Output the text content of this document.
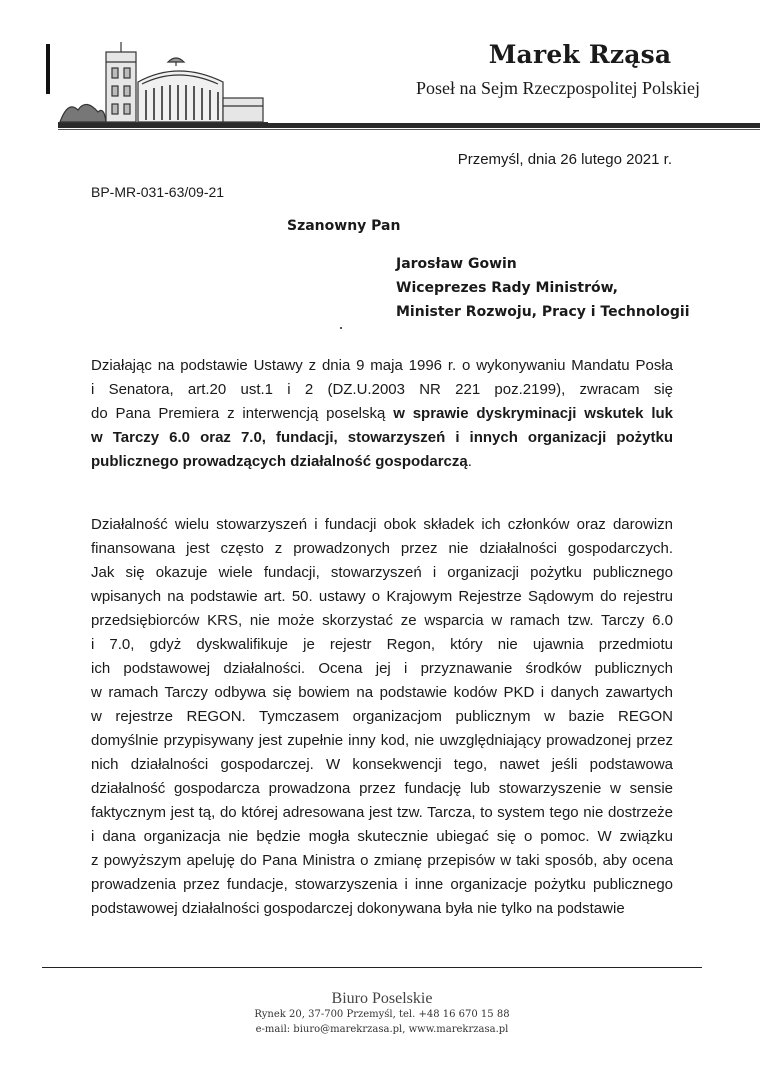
Marek Rząsa
Poseł na Sejm Rzeczpospolitej Polskiej
Przemyśl, dnia 26 lutego 2021 r.
BP-MR-031-63/09-21
Szanowny Pan
Jarosław Gowin
Wiceprezes Rady Ministrów,
Minister Rozwoju, Pracy i Technologii
Działając na podstawie Ustawy z dnia 9 maja 1996 r. o wykonywaniu Mandatu Posła
i Senatora, art.20 ust.1 i 2 (DZ.U.2003 NR 221 poz.2199), zwracam się
do Pana Premiera z interwencją poselską w sprawie dyskryminacji wskutek luk
w Tarczy 6.0 oraz 7.0, fundacji, stowarzyszeń i innych organizacji pożytku
publicznego prowadzących działalność gospodarczą.
Działalność wielu stowarzyszeń i fundacji obok składek ich członków oraz darowizn
finansowana jest często z prowadzonych przez nie działalności gospodarczych.
Jak się okazuje wiele fundacji, stowarzyszeń i organizacji pożytku publicznego
wpisanych na podstawie art. 50. ustawy o Krajowym Rejestrze Sądowym do rejestru
przedsiębiorców KRS, nie może skorzystać ze wsparcia w ramach tzw. Tarczy 6.0
i 7.0, gdyż dyskwalifikuje je rejestr Regon, który nie ujawnia przedmiotu
ich podstawowej działalności. Ocena jej i przyznawanie środków publicznych
w ramach Tarczy odbywa się bowiem na podstawie kodów PKD i danych zawartych
w rejestrze REGON. Tymczasem organizacjom publicznym w bazie REGON
domyślnie przypisywany jest zupełnie inny kod, nie uwzględniający prowadzonej przez
nich działalności gospodarczej. W konsekwencji tego, nawet jeśli podstawowa
działalność gospodarcza prowadzona przez fundację lub stowarzyszenie w sensie
faktycznym jest tą, do której adresowana jest tzw. Tarcza, to system tego nie dostrzeże
i dana organizacja nie będzie mogła skutecznie ubiegać się o pomoc. W związku
z powyższym apeluję do Pana Ministra o zmianę przepisów w taki sposób, aby ocena
prowadzenia przez fundacje, stowarzyszenia i inne organizacje pożytku publicznego
podstawowej działalności gospodarczej dokonywana była nie tylko na podstawie
Biuro Poselskie
Rynek 20, 37-700 Przemyśl, tel. +48 16 670 15 88
e-mail: biuro@marekrzasa.pl, www.marekrzasa.pl
